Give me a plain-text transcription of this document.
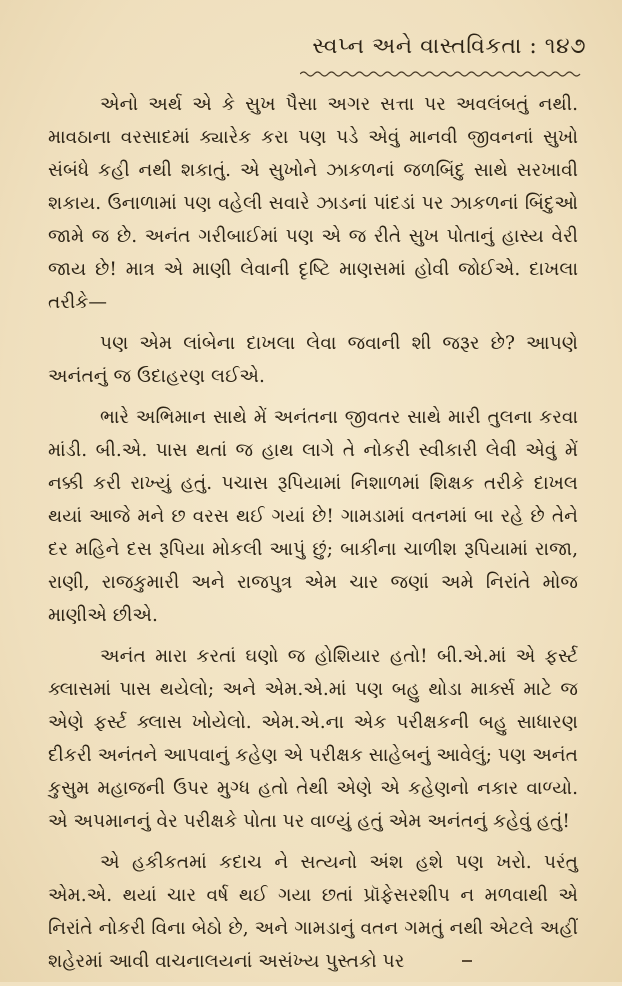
સ્વપ્ન અને વાસ્તવિકતા : ૧૪૭

એનો અર્થ એ કે સુખ પૈસા અગર સત્તા પર અવલંબતું નથી. માવઠાના વરસાદમાં ક્યારેક કરા પણ પડે એવું માનવી જીવનનાં સુખો સંબંધે કહી નથી શકાતું. એ સુખોને ઝાકળનાં જળબિંદુ સાથે સરખાવી શકાય. ઉનાળામાં પણ વહેલી સવારે ઝાડનાં પાંદડાં પર ઝાકળનાં બિંદુઓ જામે જ છે. અનંત ગરીબાઈમાં પણ એ જ રીતે સુખ પોતાનું હાસ્ય વેરી જાય છે! માત્ર એ માણી લેવાની દૃષ્ટિ માણસમાં હોવી જોઈએ. દાખલા તરીકે—

પણ એમ લાંબેના દાખલા લેવા જવાની શી જરૂર છે? આપણે અનંતનું જ ઉદાહરણ લઈએ.

ભારે અભિમાન સાથે મેં અનંતના જીવતર સાથે મારી તુલના કરવા માંડી. બી.એ. પાસ થતાં જ હાથ લાગે તે નોકરી સ્વીકારી લેવી એવું મેં નક્કી કરી રાખ્યું હતું. પચાસ રૂપિયામાં નિશાળમાં શિક્ષક તરીકે દાખલ થયાં આજે મને છ વરસ થઈ ગયાં છે! ગામડામાં વતનમાં બા રહે છે તેને દર મહિને દસ રૂપિયા મોકલી આપું છું; બાકીના ચાળીશ રૂપિયામાં રાજા, રાણી, રાજકુમારી અને રાજપુત્ર એમ ચાર જણાં અમે નિરાંતે મોજ માણીએ છીએ.

અનંત મારા કરતાં ઘણો જ હોશિયાર હતો! બી.એ.માં એ ફર્સ્ટ ક્લાસમાં પાસ થયેલો; અને એમ.એ.માં પણ બહુ થોડા માર્ક્સ માટે જ એણે ફર્સ્ટ ક્લાસ ખોયેલો. એમ.એ.ના એક પરીક્ષકની બહુ સાધારણ દીકરી અનંતને આપવાનું કહેણ એ પરીક્ષક સાહેબનું આવેલું; પણ અનંત કુસુમ મહાજની ઉપર મુગ્ધ હતો તેથી એણે એ કહેણનો નકાર વાળ્યો. એ અપમાનનું વેર પરીક્ષકે પોતા પર વાળ્યું હતું એમ અનંતનું કહેવું હતું!

એ હકીકતમાં કદાચ ને સત્યનો અંશ હશે પણ ખરો. પરંતુ એમ.એ. થયાં ચાર વર્ષ થઈ ગયા છતાં પ્રૉફેસરશીપ ન મળવાથી એ નિરાંતે નોકરી વિના બેઠો છે, અને ગામડાનું વતન ગમતું નથી એટલે અહીં શહેરમાં આવી વાચનાલયનાં અસંખ્ય પુસ્તકો પર
